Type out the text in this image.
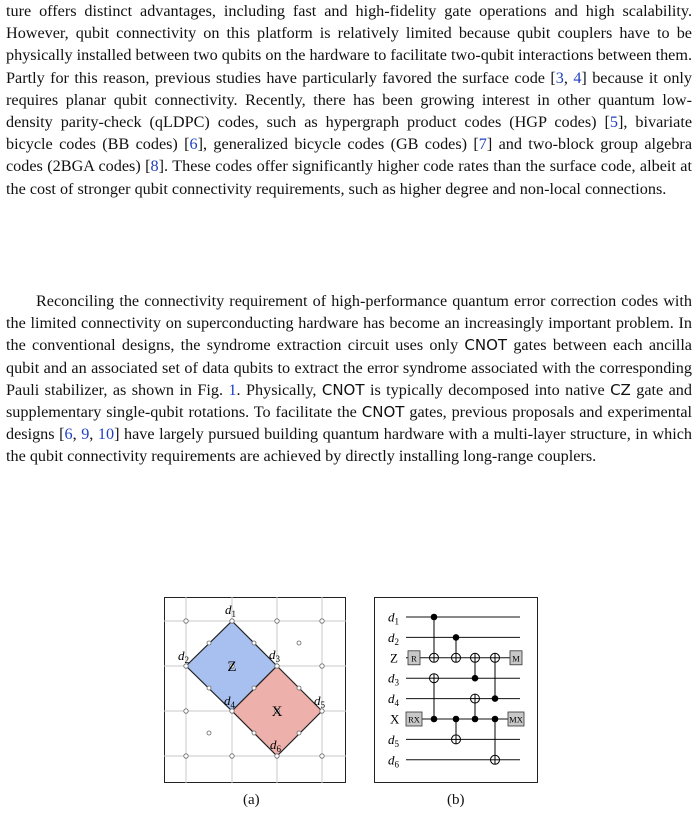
ture offers distinct advantages, including fast and high-fidelity gate operations and high scalability. However, qubit connectivity on this platform is relatively limited because qubit couplers have to be physically installed between two qubits on the hardware to facilitate two-qubit interactions between them. Partly for this reason, previous studies have particularly favored the surface code [3, 4] because it only requires planar qubit connectivity. Recently, there has been growing interest in other quantum low-density parity-check (qLDPC) codes, such as hypergraph product codes (HGP codes) [5], bivariate bicycle codes (BB codes) [6], generalized bicycle codes (GB codes) [7] and two-block group algebra codes (2BGA codes) [8]. These codes offer significantly higher code rates than the surface code, albeit at the cost of stronger qubit connectivity requirements, such as higher degree and non-local connections.
Reconciling the connectivity requirement of high-performance quantum error correction codes with the limited connectivity on superconducting hardware has become an increasingly important problem. In the conventional designs, the syndrome extraction circuit uses only CNOT gates between each ancilla qubit and an associated set of data qubits to extract the error syndrome associated with the corresponding Pauli stabilizer, as shown in Fig. 1. Physically, CNOT is typically decomposed into native CZ gate and supplementary single-qubit rotations. To facilitate the CNOT gates, previous proposals and experimental designs [6, 9, 10] have largely pursued building quantum hardware with a multi-layer structure, in which the qubit connectivity requirements are achieved by directly installing long-range couplers.
Z
X
$d_1$
$d_2$	$d_3$
$d_4$	$d_5$
$d_6$
(a)
$d_1$
$d_2$
Z
$d_3$
$d_4$
X
$d_5$
$d_6$
R	M
RX	MX
(b)
